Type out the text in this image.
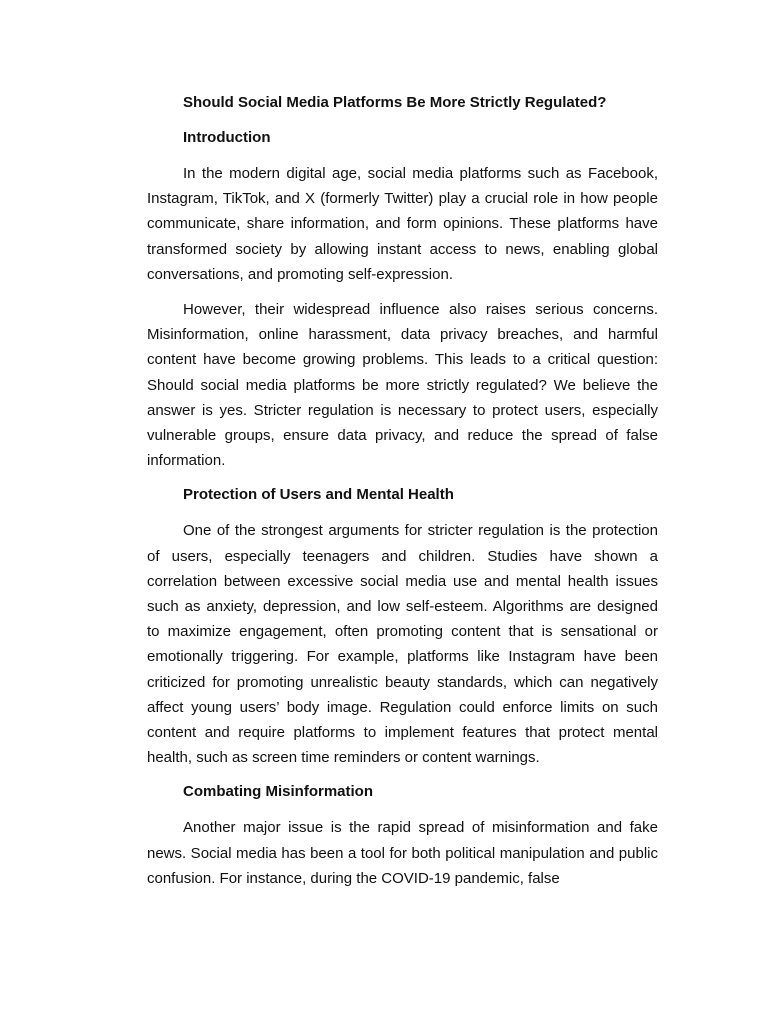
Should Social Media Platforms Be More Strictly Regulated?

Introduction

In the modern digital age, social media platforms such as Facebook, Instagram, TikTok, and X (formerly Twitter) play a crucial role in how people communicate, share information, and form opinions. These platforms have transformed society by allowing instant access to news, enabling global conversations, and promoting self-expression.

However, their widespread influence also raises serious concerns. Misinformation, online harassment, data privacy breaches, and harmful content have become growing problems. This leads to a critical question: Should social media platforms be more strictly regulated? We believe the answer is yes. Stricter regulation is necessary to protect users, especially vulnerable groups, ensure data privacy, and reduce the spread of false information.

Protection of Users and Mental Health

One of the strongest arguments for stricter regulation is the protection of users, especially teenagers and children. Studies have shown a correlation between excessive social media use and mental health issues such as anxiety, depression, and low self-esteem. Algorithms are designed to maximize engagement, often promoting content that is sensational or emotionally triggering. For example, platforms like Instagram have been criticized for promoting unrealistic beauty standards, which can negatively affect young users’ body image. Regulation could enforce limits on such content and require platforms to implement features that protect mental health, such as screen time reminders or content warnings.

Combating Misinformation

Another major issue is the rapid spread of misinformation and fake news. Social media has been a tool for both political manipulation and public confusion. For instance, during the COVID-19 pandemic, false
